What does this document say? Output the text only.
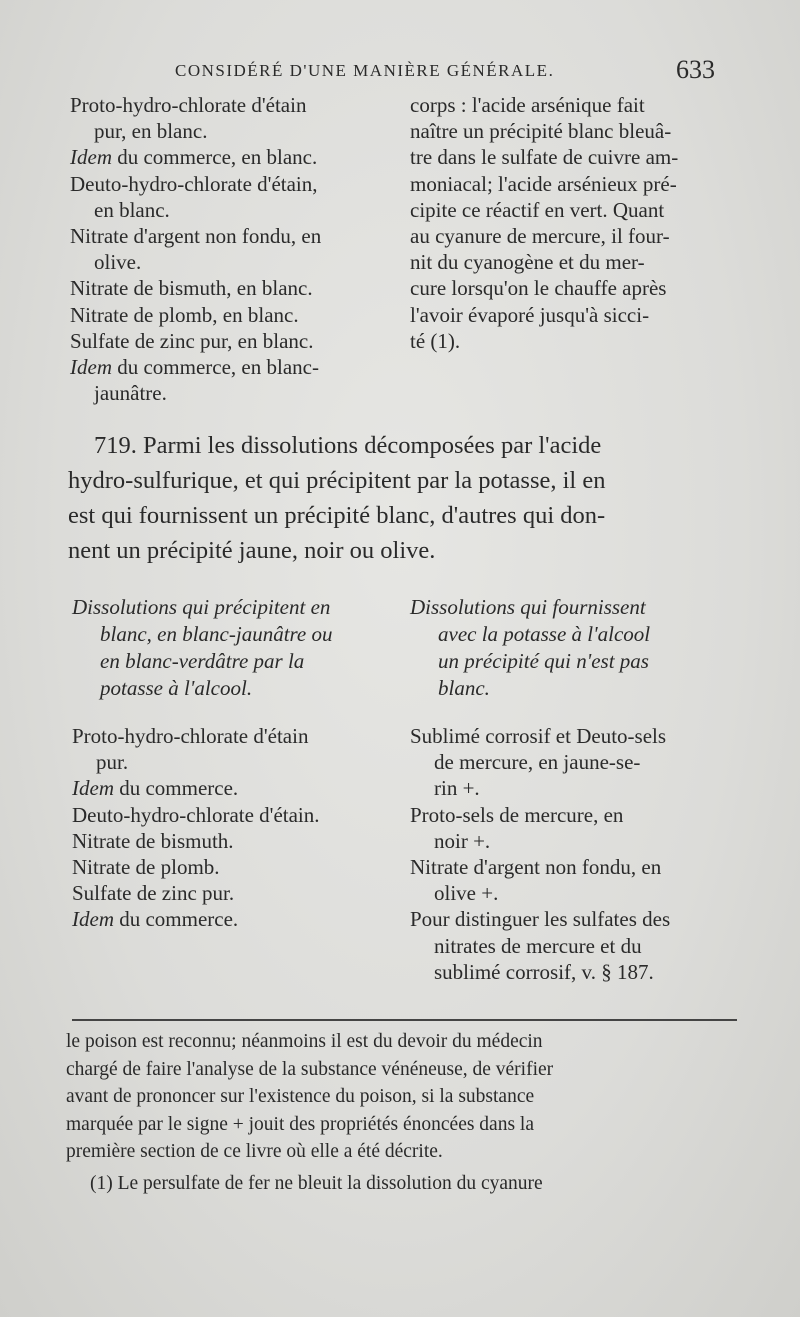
CONSIDÉRÉ D'UNE MANIÈRE GÉNÉRALE.	633
Proto-hydro-chlorate d'étain
pur, en blanc.
Idem du commerce, en blanc.
Deuto-hydro-chlorate d'étain,
en blanc.
Nitrate d'argent non fondu, en
olive.
Nitrate de bismuth, en blanc.
Nitrate de plomb, en blanc.
Sulfate de zinc pur, en blanc.
Idem du commerce, en blanc-
jaunâtre.
corps : l'acide arsénique fait
naître un précipité blanc bleuâ-
tre dans le sulfate de cuivre am-
moniacal; l'acide arsénieux pré-
cipite ce réactif en vert. Quant
au cyanure de mercure, il four-
nit du cyanogène et du mer-
cure lorsqu'on le chauffe après
l'avoir évaporé jusqu'à sicci-
té (1).
719. Parmi les dissolutions décomposées par l'acide
hydro-sulfurique, et qui précipitent par la potasse, il en
est qui fournissent un précipité blanc, d'autres qui don-
nent un précipité jaune, noir ou olive.
Dissolutions qui précipitent en
blanc, en blanc-jaunâtre ou
en blanc-verdâtre par la
potasse à l'alcool.
Dissolutions qui fournissent
avec la potasse à l'alcool
un précipité qui n'est pas
blanc.
Proto-hydro-chlorate d'étain
pur.
Idem du commerce.
Deuto-hydro-chlorate d'étain.
Nitrate de bismuth.
Nitrate de plomb.
Sulfate de zinc pur.
Idem du commerce.
Sublimé corrosif et Deuto-sels
de mercure, en jaune-se-
rin +.
Proto-sels de mercure, en
noir +.
Nitrate d'argent non fondu, en
olive +.
Pour distinguer les sulfates des
nitrates de mercure et du
sublimé corrosif, v. § 187.
le poison est reconnu; néanmoins il est du devoir du médecin
chargé de faire l'analyse de la substance vénéneuse, de vérifier
avant de prononcer sur l'existence du poison, si la substance
marquée par le signe + jouit des propriétés énoncées dans la
première section de ce livre où elle a été décrite.
(1) Le persulfate de fer ne bleuit la dissolution du cyanure
